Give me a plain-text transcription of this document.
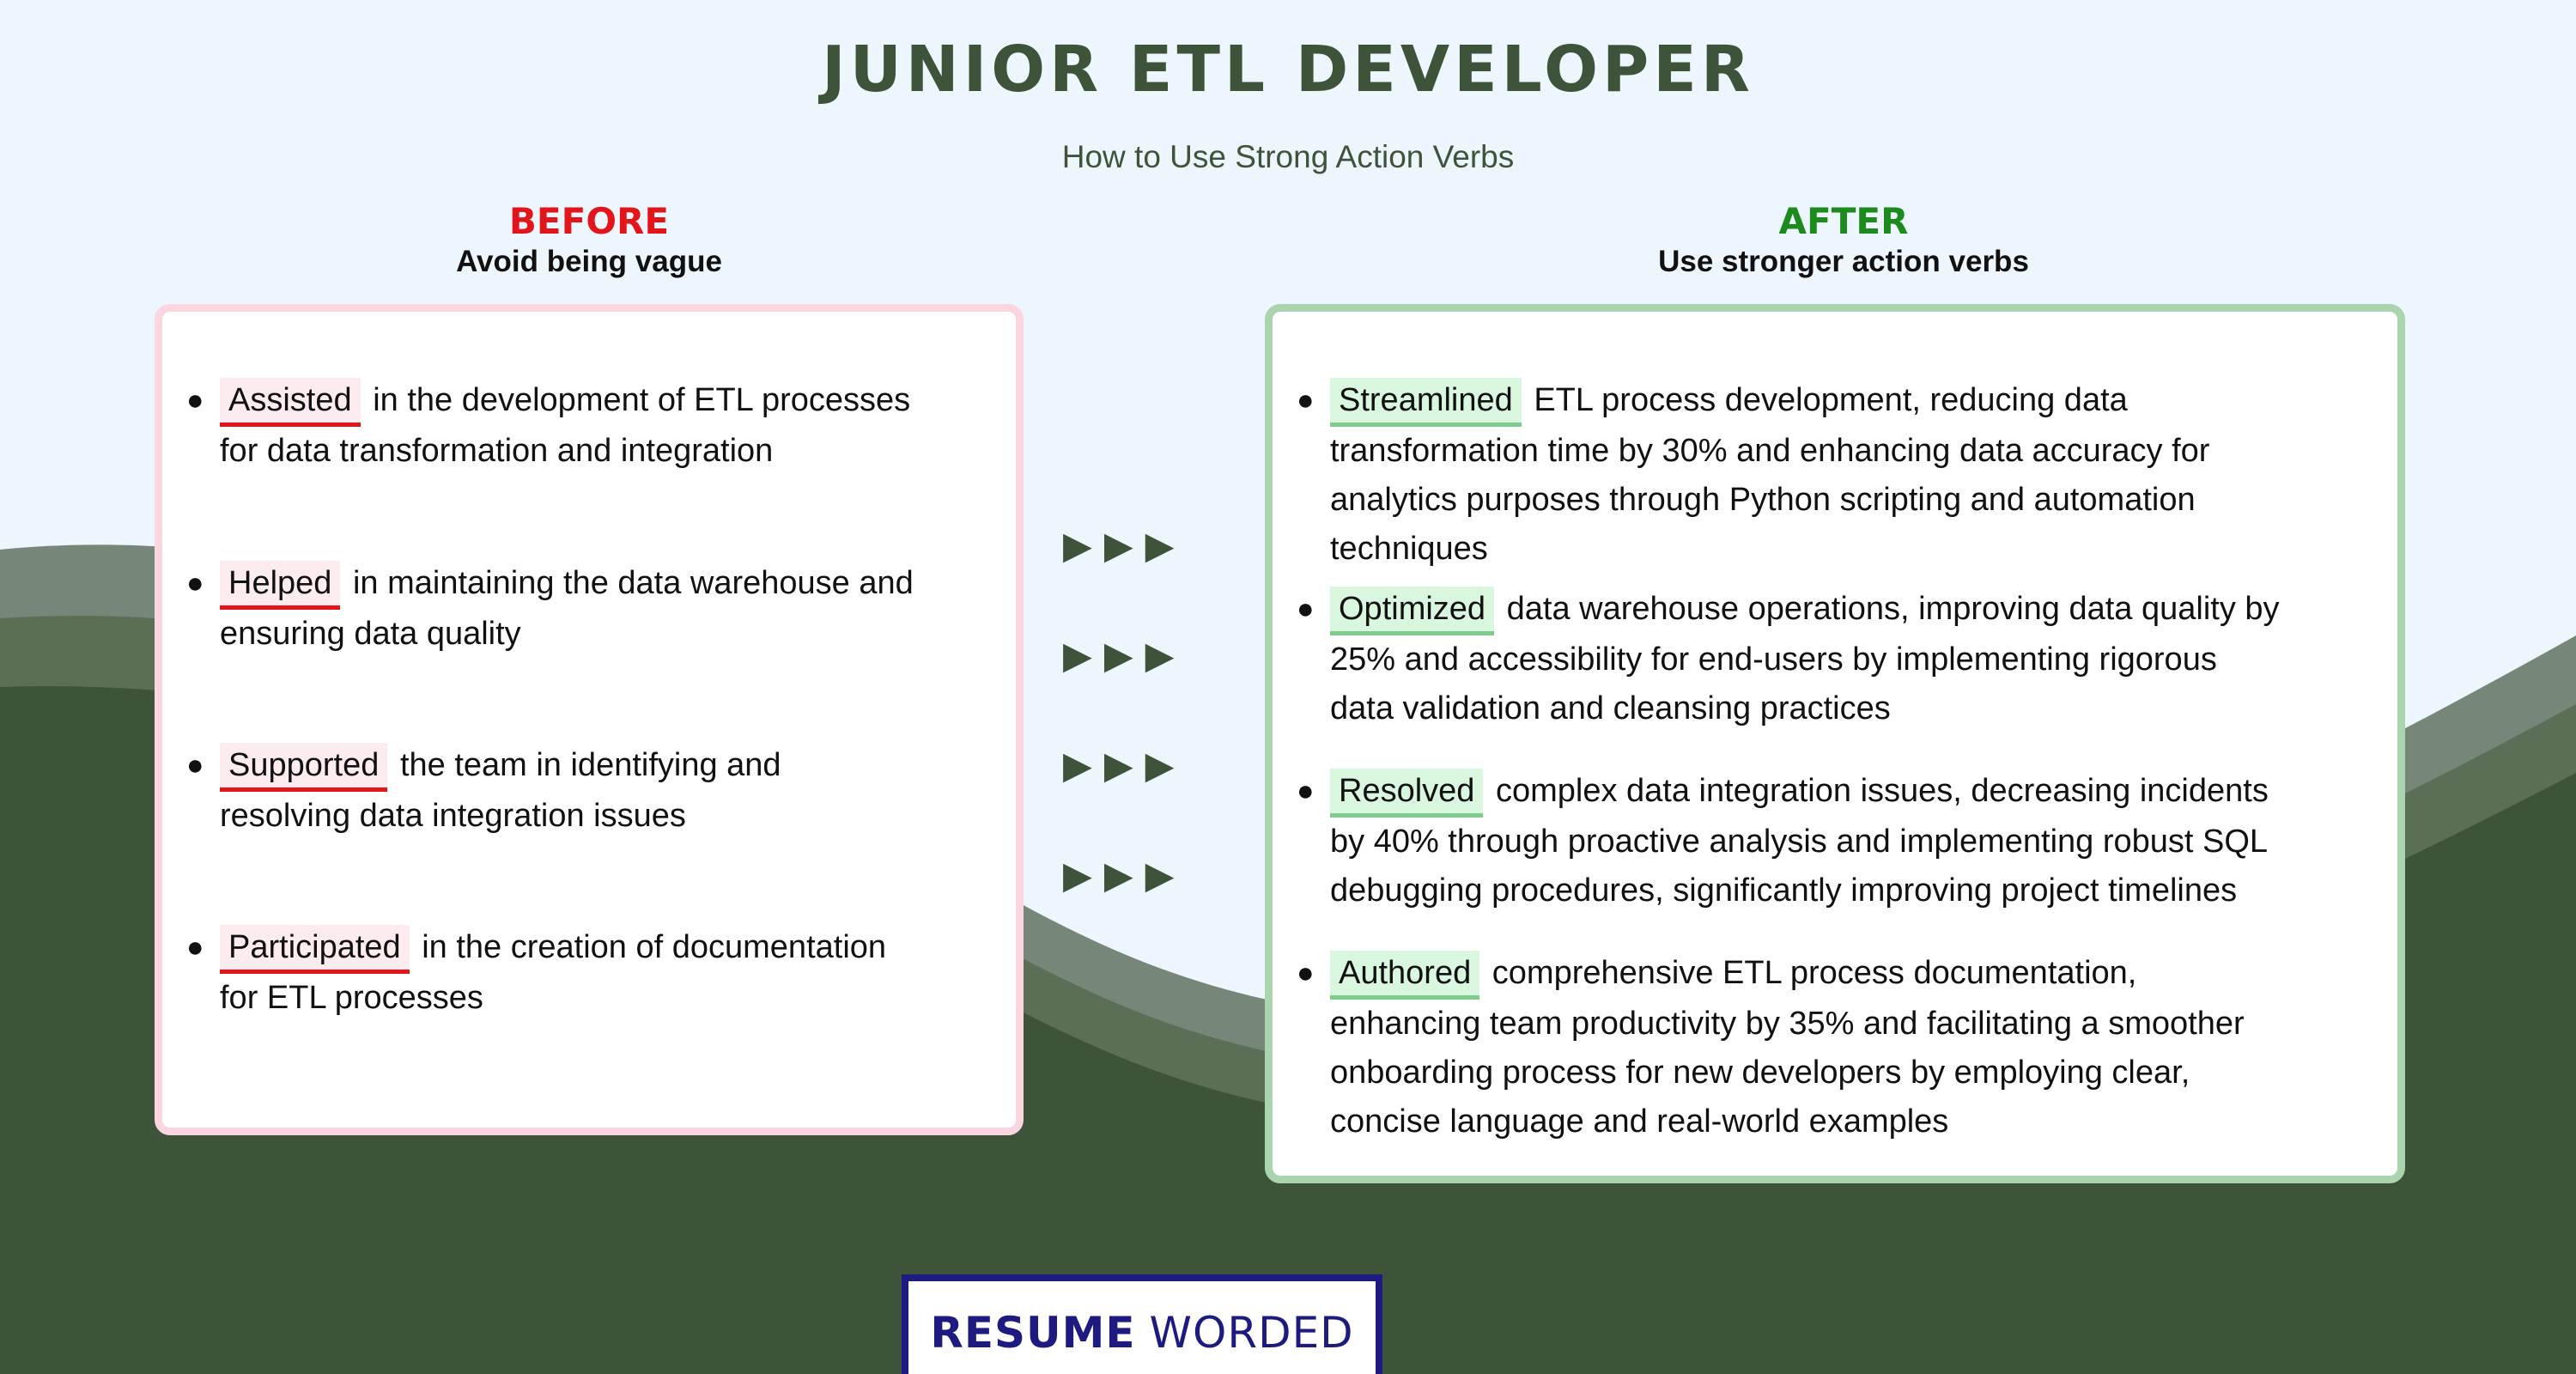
JUNIOR ETL DEVELOPER
How to Use Strong Action Verbs
BEFORE
Avoid being vague
AFTER
Use stronger action verbs
● Assisted in the development of ETL processes for data transformation and integration
● Helped in maintaining the data warehouse and ensuring data quality
● Supported the team in identifying and resolving data integration issues
● Participated in the creation of documentation for ETL processes
▶▶▶
▶▶▶
▶▶▶
▶▶▶
● Streamlined ETL process development, reducing data transformation time by 30% and enhancing data accuracy for analytics purposes through Python scripting and automation techniques
● Optimized data warehouse operations, improving data quality by 25% and accessibility for end-users by implementing rigorous data validation and cleansing practices
● Resolved complex data integration issues, decreasing incidents by 40% through proactive analysis and implementing robust SQL debugging procedures, significantly improving project timelines
● Authored comprehensive ETL process documentation, enhancing team productivity by 35% and facilitating a smoother onboarding process for new developers by employing clear, concise language and real-world examples
RESUME WORDED
